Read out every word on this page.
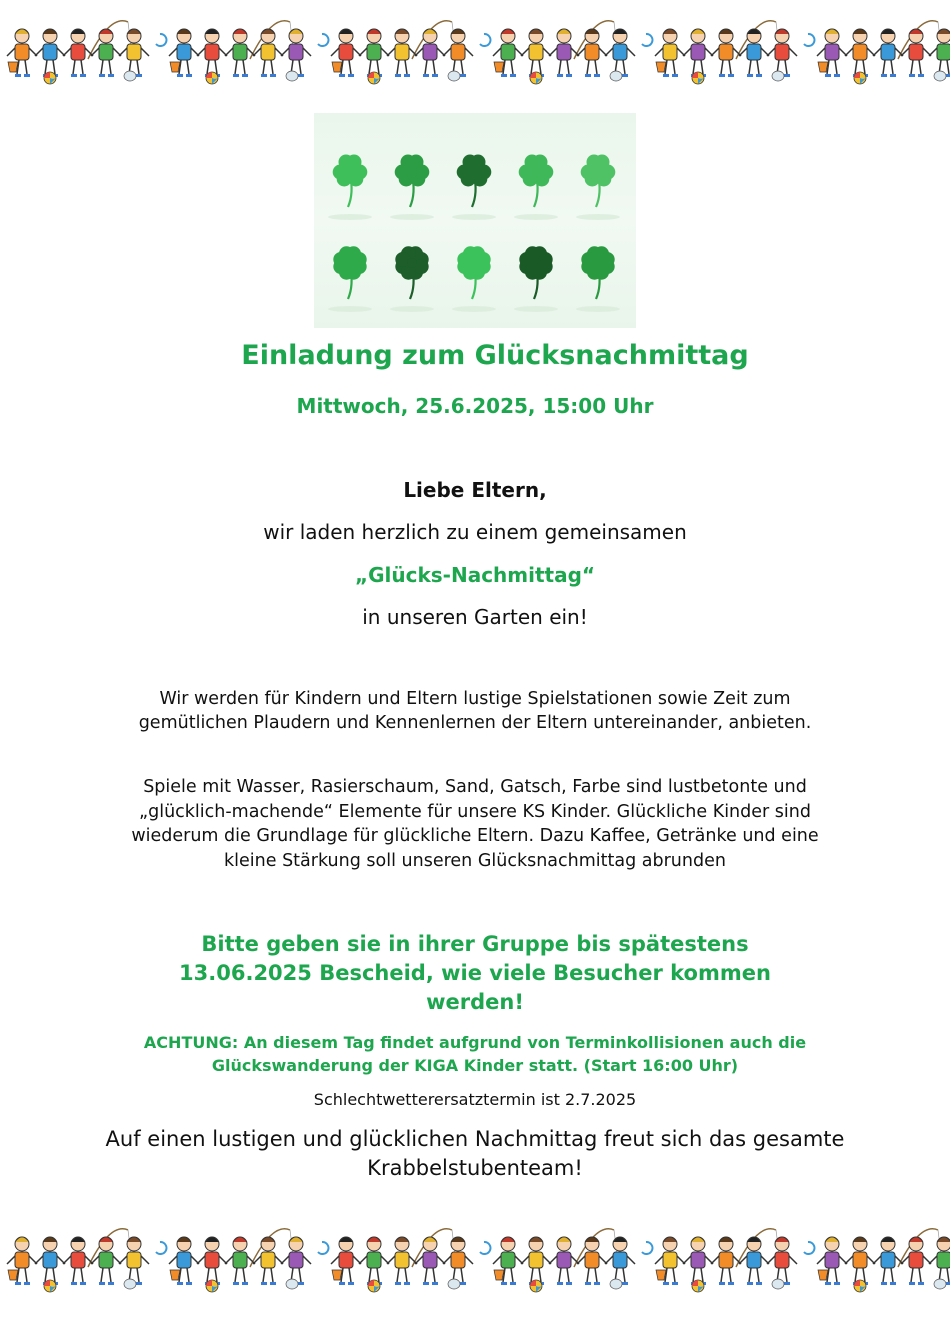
Einladung zum Glücksnachmittag
Mittwoch, 25.6.2025, 15:00 Uhr
Liebe Eltern,
wir laden herzlich zu einem gemeinsamen
„Glücks-Nachmittag“
in unseren Garten ein!
Wir werden für Kindern und Eltern lustige Spielstationen sowie Zeit zum gemütlichen Plaudern und Kennenlernen der Eltern untereinander, anbieten.
Spiele mit Wasser, Rasierschaum, Sand, Gatsch, Farbe sind lustbetonte und „glücklich-machende“ Elemente für unsere KS Kinder. Glückliche Kinder sind wiederum die Grundlage für glückliche Eltern. Dazu Kaffee, Getränke und eine kleine Stärkung soll unseren Glücksnachmittag abrunden
Bitte geben sie in ihrer Gruppe bis spätestens 13.06.2025 Bescheid, wie viele Besucher kommen werden!
ACHTUNG: An diesem Tag findet aufgrund von Terminkollisionen auch die Glückswanderung der KIGA Kinder statt. (Start 16:00 Uhr)
Schlechtwetterersatztermin ist 2.7.2025
Auf einen lustigen und glücklichen Nachmittag freut sich das gesamte Krabbelstubenteam!
